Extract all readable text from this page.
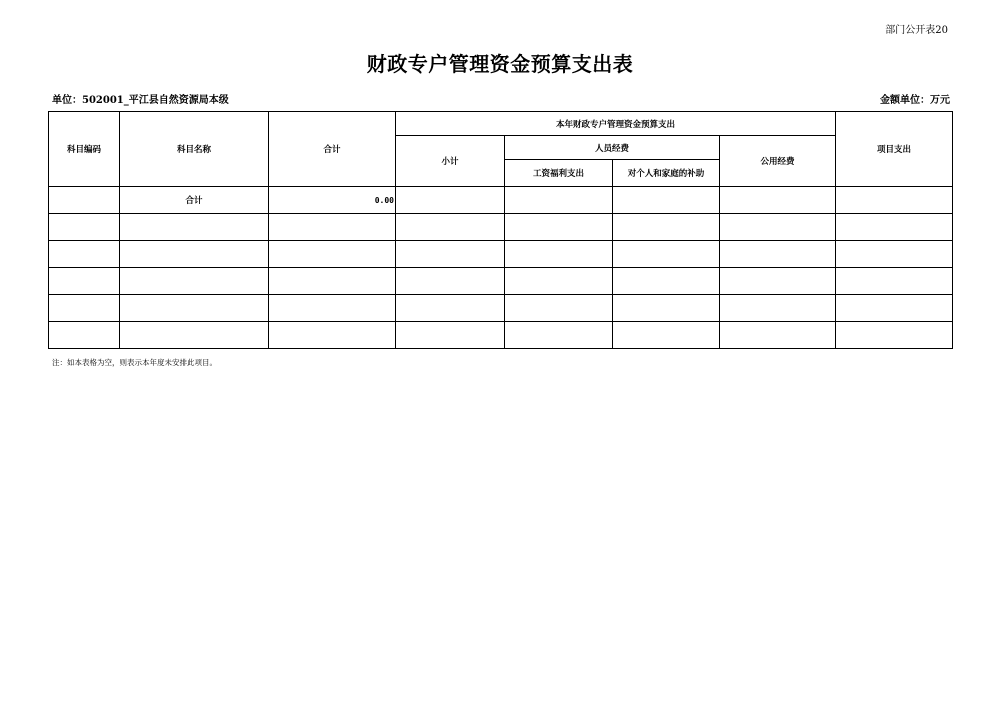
部门公开表20
财政专户管理资金预算支出表
单位：502001_平江县自然资源局本级	金额单位：万元
科目编码	科目名称	合计	本年财政专户管理资金预算支出				项目支出
			小计	人员经费		公用经费	
				工资福利支出	对个人和家庭的补助		
	合计	0.00					

注：如本表格为空，则表示本年度未安排此项目。
